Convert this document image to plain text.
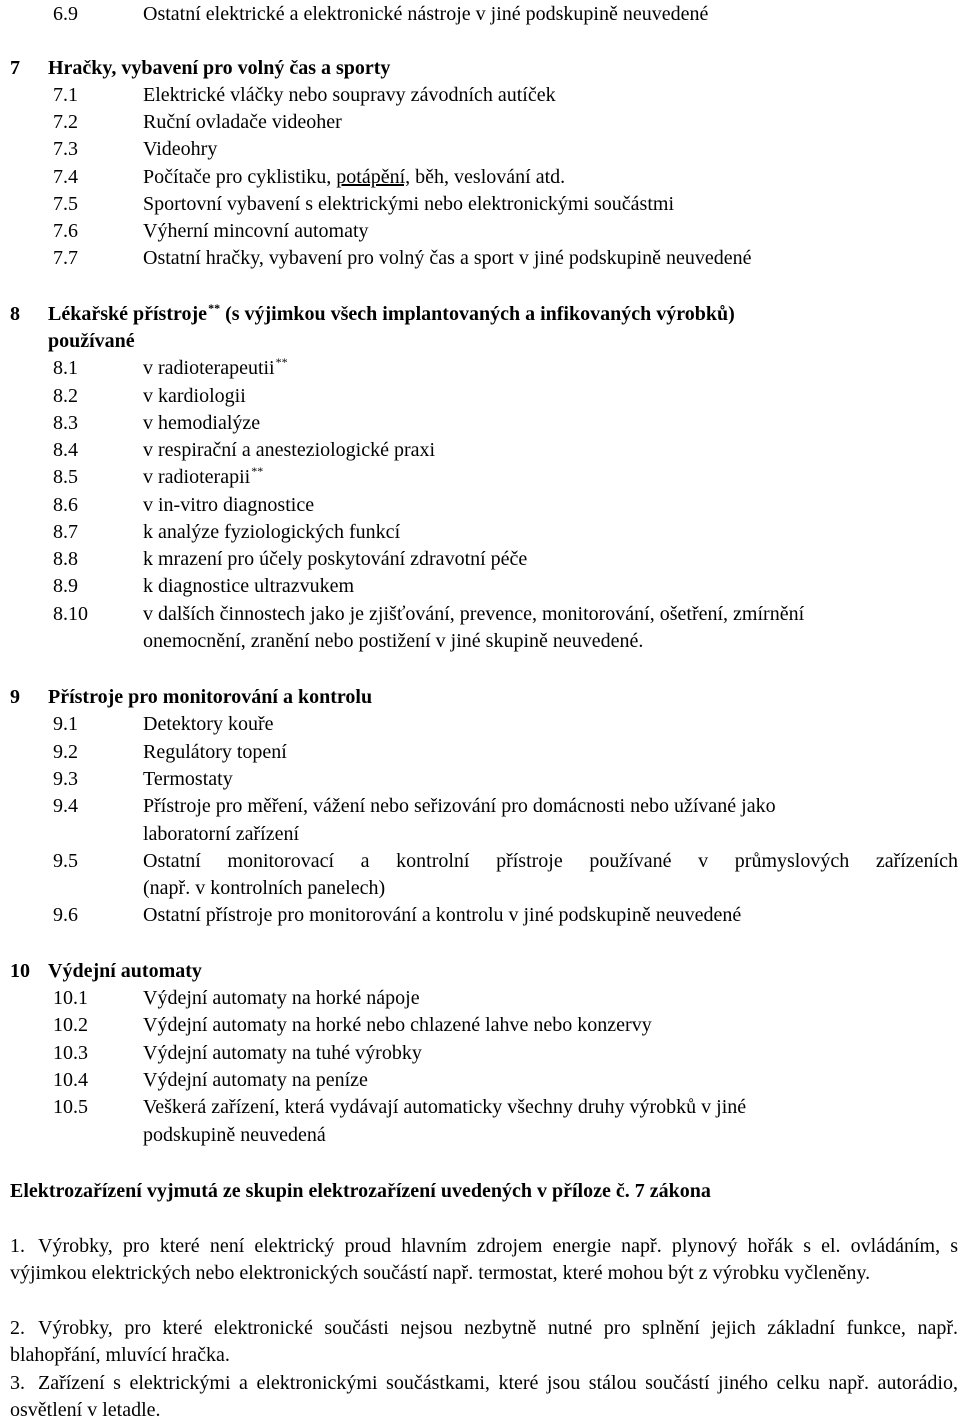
6.9	Ostatní elektrické a elektronické nástroje v jiné podskupině neuvedené
7 Hračky, vybavení pro volný čas a sporty
7.1	Elektrické vláčky nebo soupravy závodních autíček
7.2	Ruční ovladače videoher
7.3	Videohry
7.4	Počítače pro cyklistiku, potápění, běh, veslování atd.
7.5	Sportovní vybavení s elektrickými nebo elektronickými součástmi
7.6	Výherní mincovní automaty
7.7	Ostatní hračky, vybavení pro volný čas a sport v jiné podskupině neuvedené
8 Lékařské přístroje** (s výjimkou všech implantovaných a infikovaných výrobků)
používané
8.1	v radioterapeutii**
8.2	v kardiologii
8.3	v hemodialýze
8.4	v respirační a anesteziologické praxi
8.5	v radioterapii**
8.6	v in-vitro diagnostice
8.7	k analýze fyziologických funkcí
8.8	k mrazení pro účely poskytování zdravotní péče
8.9	k diagnostice ultrazvukem
8.10	v dalších činnostech jako je zjišťování, prevence, monitorování, ošetření, zmírnění
onemocnění, zranění nebo postižení v jiné skupině neuvedené.
9 Přístroje pro monitorování a kontrolu
9.1	Detektory kouře
9.2	Regulátory topení
9.3	Termostaty
9.4	Přístroje pro měření, vážení nebo seřizování pro domácnosti nebo užívané jako
laboratorní zařízení
9.5	Ostatní monitorovací a kontrolní přístroje používané v průmyslových zařízeních
(např. v kontrolních panelech)
9.6	Ostatní přístroje pro monitorování a kontrolu v jiné podskupině neuvedené
10 Výdejní automaty
10.1	Výdejní automaty na horké nápoje
10.2	Výdejní automaty na horké nebo chlazené lahve nebo konzervy
10.3	Výdejní automaty na tuhé výrobky
10.4	Výdejní automaty na peníze
10.5	Veškerá zařízení, která vydávají automaticky všechny druhy výrobků v jiné
podskupině neuvedená
Elektrozařízení vyjmutá ze skupin elektrozařízení uvedených v příloze č. 7 zákona
1. Výrobky, pro které není elektrický proud hlavním zdrojem energie např. plynový hořák s el. ovládáním, s výjimkou elektrických nebo elektronických součástí např. termostat, které mohou být z výrobku vyčleněny.
2. Výrobky, pro které elektronické součásti nejsou nezbytně nutné pro splnění jejich základní funkce, např. blahopřání, mluvící hračka.
3. Zařízení s elektrickými a elektronickými součástkami, které jsou stálou součástí jiného celku např. autorádio, osvětlení v letadle.
